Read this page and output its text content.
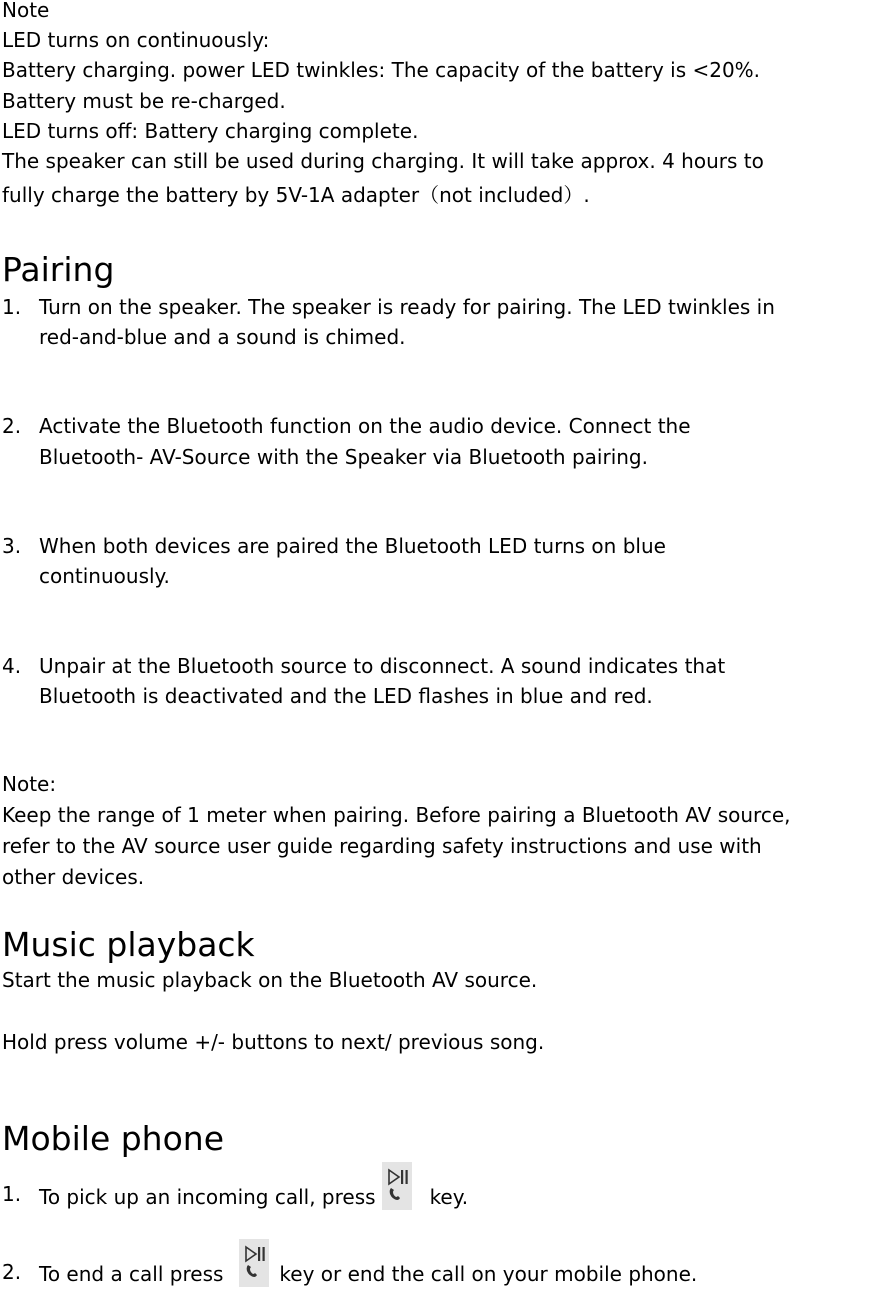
Note
LED turns on continuously:
Battery charging. power LED twinkles: The capacity of the battery is <20%.
Battery must be re-charged.
LED turns off: Battery charging complete.
The speaker can still be used during charging. It will take approx. 4 hours to
fully charge the battery by 5V-1A adapter（not included）.
Pairing
1. Turn on the speaker. The speaker is ready for pairing. The LED twinkles in
red-and-blue and a sound is chimed.
2. Activate the Bluetooth function on the audio device. Connect the
Bluetooth- AV-Source with the Speaker via Bluetooth pairing.
3. When both devices are paired the Bluetooth LED turns on blue
continuously.
4. Unpair at the Bluetooth source to disconnect. A sound indicates that
Bluetooth is deactivated and the LED flashes in blue and red.
Note:
Keep the range of 1 meter when pairing. Before pairing a Bluetooth AV source,
refer to the AV source user guide regarding safety instructions and use with
other devices.
Music playback
Start the music playback on the Bluetooth AV source.
Hold press volume +/- buttons to next/ previous song.
Mobile phone
1. To pick up an incoming call, press	key.
2. To end a call press	key or end the call on your mobile phone.
